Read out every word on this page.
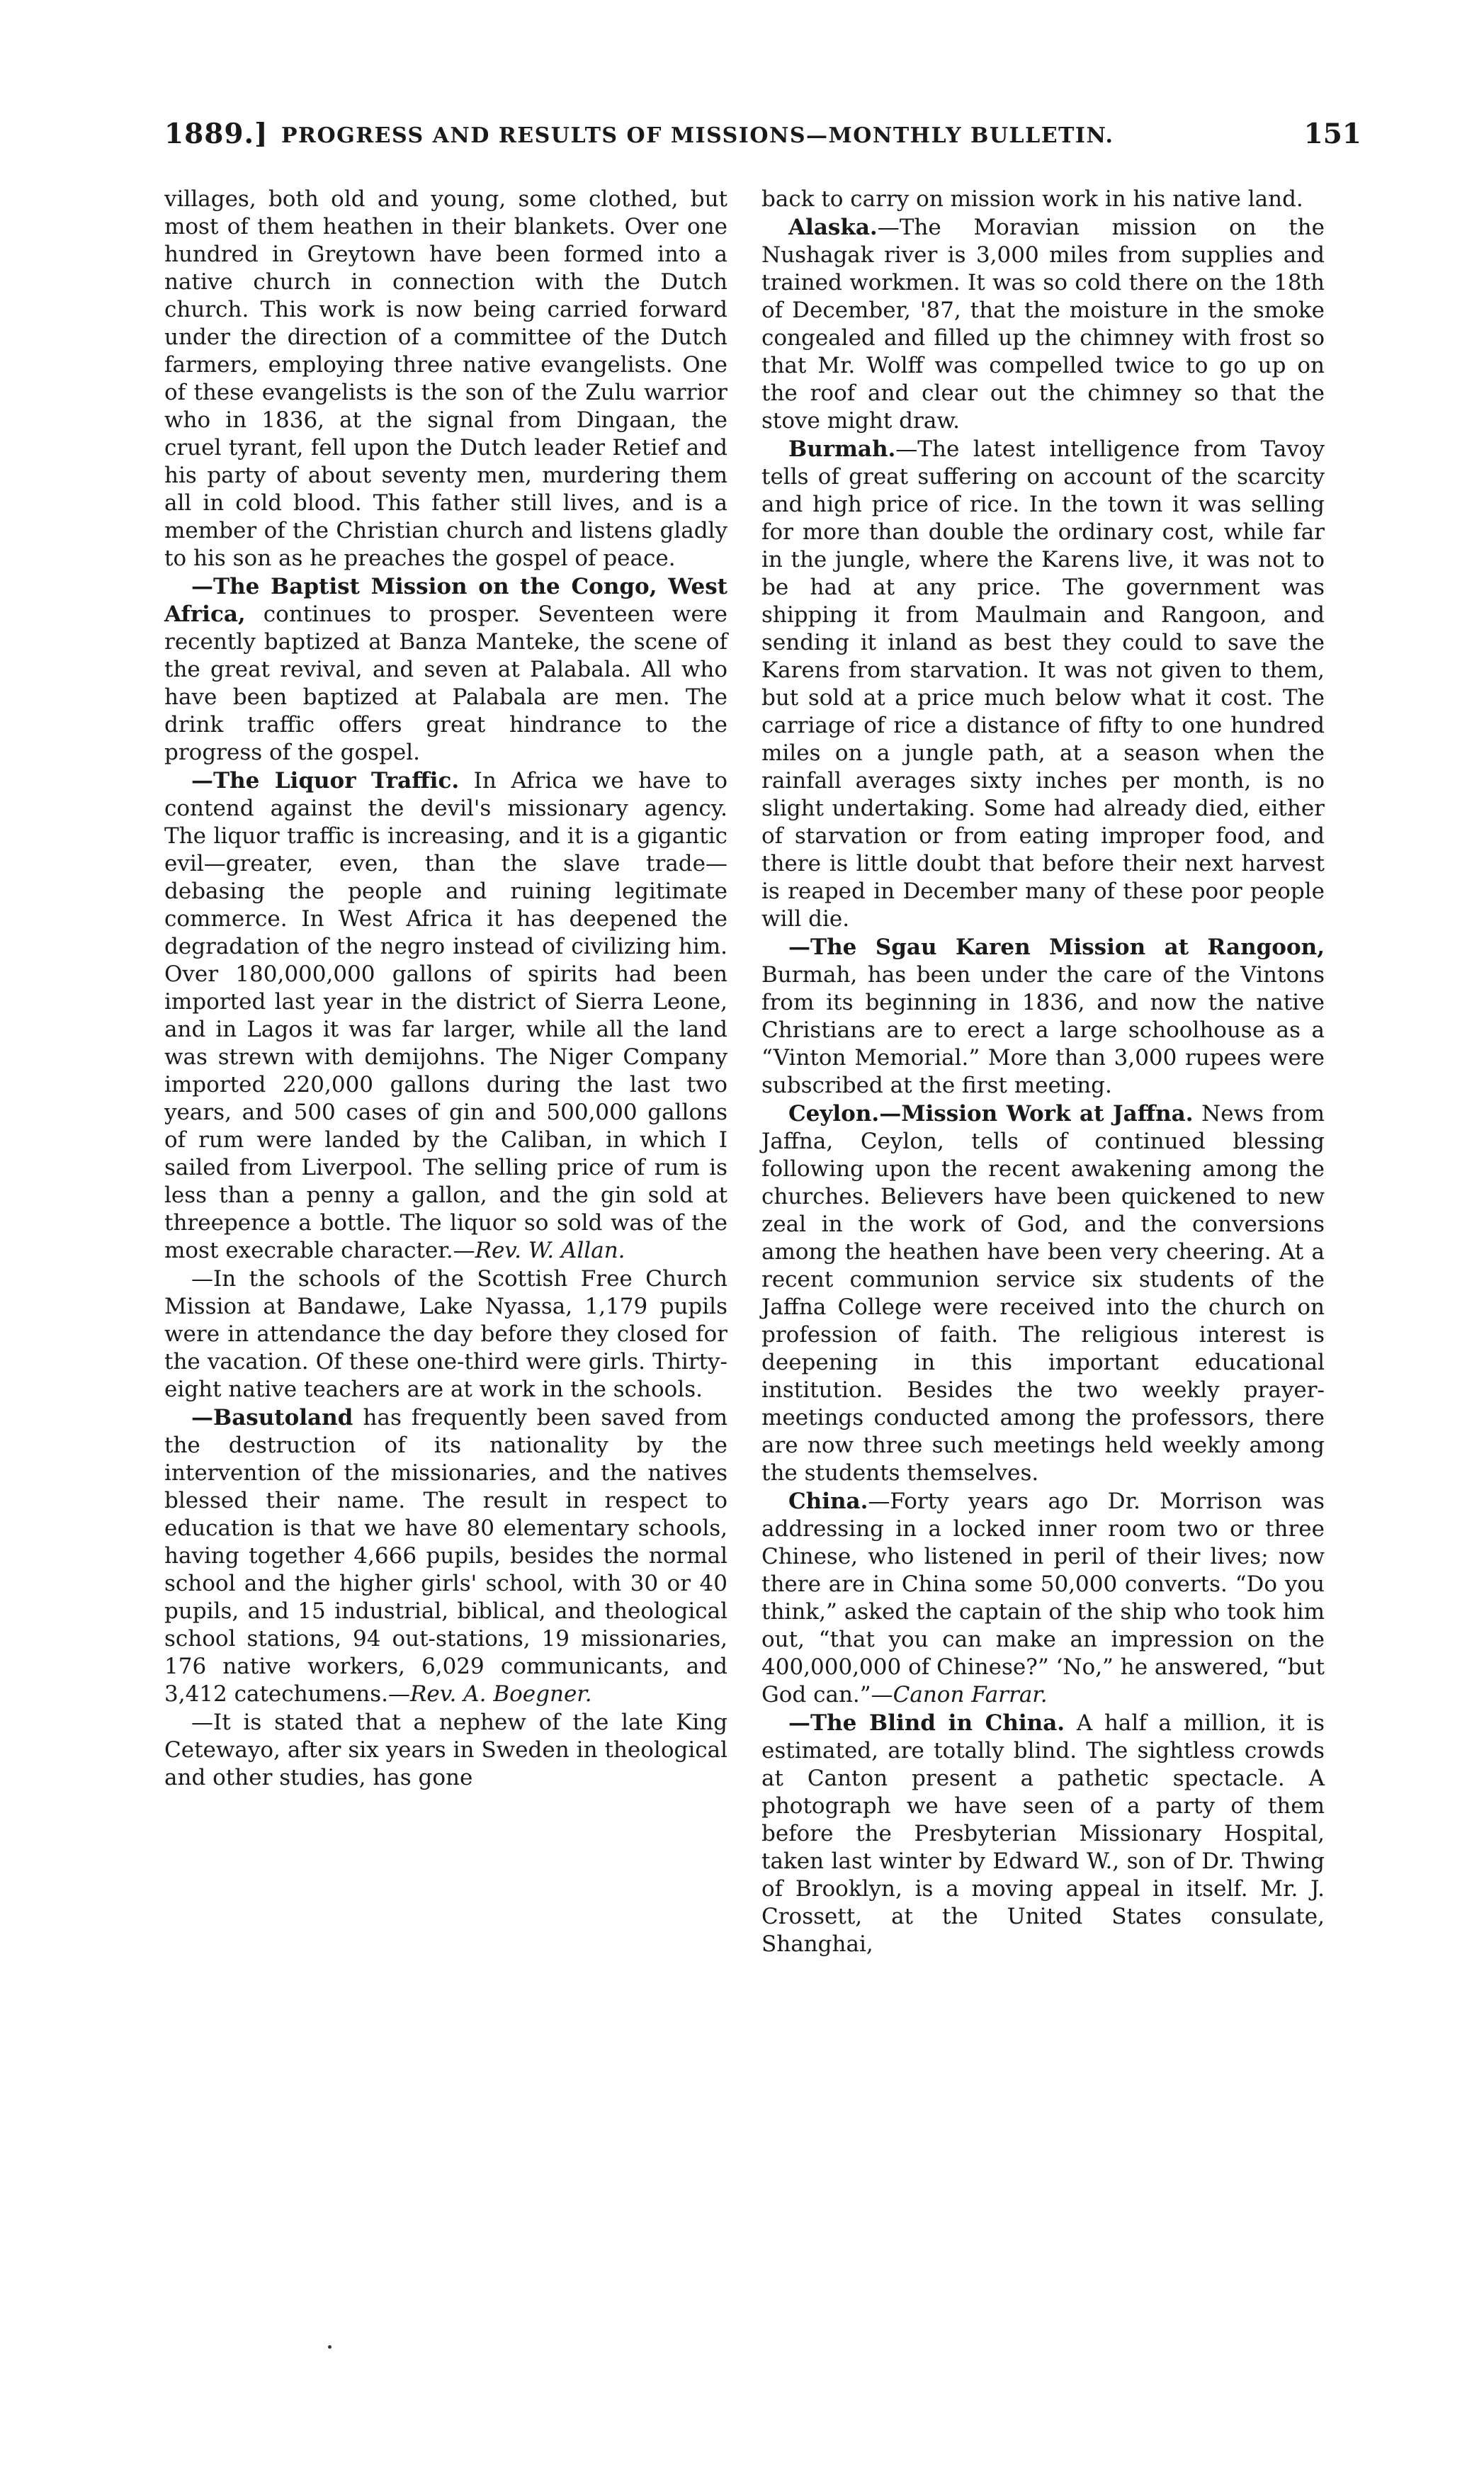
1889.] PROGRESS AND RESULTS OF MISSIONS—MONTHLY BULLETIN.	151

villages, both old and young, some clothed, but most of them heathen in their blankets. Over one hundred in Greytown have been formed into a native church in connection with the Dutch church. This work is now being carried forward under the direction of a committee of the Dutch farmers, employing three native evangelists. One of these evangelists is the son of the Zulu warrior who in 1836, at the signal from Dingaan, the cruel tyrant, fell upon the Dutch leader Retief and his party of about seventy men, murdering them all in cold blood. This father still lives, and is a member of the Christian church and listens gladly to his son as he preaches the gospel of peace.

—The Baptist Mission on the Congo, West Africa, continues to prosper. Seventeen were recently baptized at Banza Manteke, the scene of the great revival, and seven at Palabala. All who have been baptized at Palabala are men. The drink traffic offers great hindrance to the progress of the gospel.

—The Liquor Traffic. In Africa we have to contend against the devil's missionary agency. The liquor traffic is increasing, and it is a gigantic evil—greater, even, than the slave trade—debasing the people and ruining legitimate commerce. In West Africa it has deepened the degradation of the negro instead of civilizing him. Over 180,000,000 gallons of spirits had been imported last year in the district of Sierra Leone, and in Lagos it was far larger, while all the land was strewn with demijohns. The Niger Company imported 220,000 gallons during the last two years, and 500 cases of gin and 500,000 gallons of rum were landed by the Caliban, in which I sailed from Liverpool. The selling price of rum is less than a penny a gallon, and the gin sold at threepence a bottle. The liquor so sold was of the most execrable character.—Rev. W. Allan.

—In the schools of the Scottish Free Church Mission at Bandawe, Lake Nyassa, 1,179 pupils were in attendance the day before they closed for the vacation. Of these one-third were girls. Thirty-eight native teachers are at work in the schools.

—Basutoland has frequently been saved from the destruction of its nationality by the intervention of the missionaries, and the natives blessed their name. The result in respect to education is that we have 80 elementary schools, having together 4,666 pupils, besides the normal school and the higher girls' school, with 30 or 40 pupils, and 15 industrial, biblical, and theological school stations, 94 out-stations, 19 missionaries, 176 native workers, 6,029 communicants, and 3,412 catechumens.—Rev. A. Boegner.

—It is stated that a nephew of the late King Cetewayo, after six years in Sweden in theological and other studies, has gone

back to carry on mission work in his native land.

Alaska.—The Moravian mission on the Nushagak river is 3,000 miles from supplies and trained workmen. It was so cold there on the 18th of December, '87, that the moisture in the smoke congealed and filled up the chimney with frost so that Mr. Wolff was compelled twice to go up on the roof and clear out the chimney so that the stove might draw.

Burmah.—The latest intelligence from Tavoy tells of great suffering on account of the scarcity and high price of rice. In the town it was selling for more than double the ordinary cost, while far in the jungle, where the Karens live, it was not to be had at any price. The government was shipping it from Maulmain and Rangoon, and sending it inland as best they could to save the Karens from starvation. It was not given to them, but sold at a price much below what it cost. The carriage of rice a distance of fifty to one hundred miles on a jungle path, at a season when the rainfall averages sixty inches per month, is no slight undertaking. Some had already died, either of starvation or from eating improper food, and there is little doubt that before their next harvest is reaped in December many of these poor people will die.

—The Sgau Karen Mission at Rangoon, Burmah, has been under the care of the Vintons from its beginning in 1836, and now the native Christians are to erect a large schoolhouse as a “Vinton Memorial.” More than 3,000 rupees were subscribed at the first meeting.

Ceylon.—Mission Work at Jaffna. News from Jaffna, Ceylon, tells of continued blessing following upon the recent awakening among the churches. Believers have been quickened to new zeal in the work of God, and the conversions among the heathen have been very cheering. At a recent communion service six students of the Jaffna College were received into the church on profession of faith. The religious interest is deepening in this important educational institution. Besides the two weekly prayer-meetings conducted among the professors, there are now three such meetings held weekly among the students themselves.

China.—Forty years ago Dr. Morrison was addressing in a locked inner room two or three Chinese, who listened in peril of their lives; now there are in China some 50,000 converts. “Do you think,” asked the captain of the ship who took him out, “that you can make an impression on the 400,000,000 of Chinese?” ‘No,” he answered, “but God can.”—Canon Farrar.

—The Blind in China. A half a million, it is estimated, are totally blind. The sightless crowds at Canton present a pathetic spectacle. A photograph we have seen of a party of them before the Presbyterian Missionary Hospital, taken last winter by Edward W., son of Dr. Thwing of Brooklyn, is a moving appeal in itself. Mr. J. Crossett, at the United States consulate, Shanghai,
